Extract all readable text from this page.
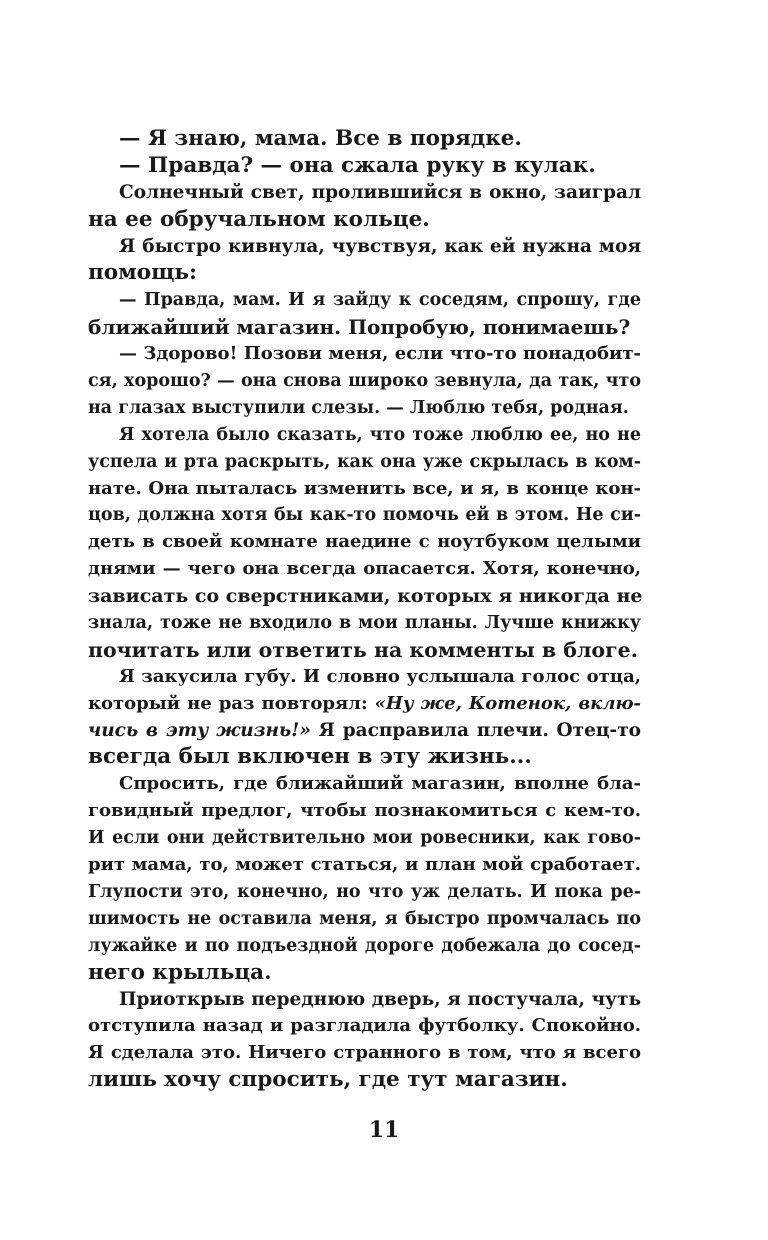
— Я знаю, мама. Все в порядке.
— Правда? — она сжала руку в кулак.
Солнечный свет, пролившийся в окно, заиграл
на ее обручальном кольце.
Я быстро кивнула, чувствуя, как ей нужна моя
помощь:
— Правда, мам. И я зайду к соседям, спрошу, где
ближайший магазин. Попробую, понимаешь?
— Здорово! Позови меня, если что-то понадобит-
ся, хорошо? — она снова широко зевнула, да так, что
на глазах выступили слезы. — Люблю тебя, родная.
Я хотела было сказать, что тоже люблю ее, но не
успела и рта раскрыть, как она уже скрылась в ком-
нате. Она пыталась изменить все, и я, в конце кон-
цов, должна хотя бы как-то помочь ей в этом. Не си-
деть в своей комнате наедине с ноутбуком целыми
днями — чего она всегда опасается. Хотя, конечно,
зависать со сверстниками, которых я никогда не
знала, тоже не входило в мои планы. Лучше книжку
почитать или ответить на комменты в блоге.
Я закусила губу. И словно услышала голос отца,
который не раз повторял: «Ну же, Котенок, вклю-
чись в эту жизнь!» Я расправила плечи. Отец-то
всегда был включен в эту жизнь...
Спросить, где ближайший магазин, вполне бла-
говидный предлог, чтобы познакомиться с кем-то.
И если они действительно мои ровесники, как гово-
рит мама, то, может статься, и план мой сработает.
Глупости это, конечно, но что уж делать. И пока ре-
шимость не оставила меня, я быстро промчалась по
лужайке и по подъездной дороге добежала до сосед-
него крыльца.
Приоткрыв переднюю дверь, я постучала, чуть
отступила назад и разгладила футболку. Спокойно.
Я сделала это. Ничего странного в том, что я всего
лишь хочу спросить, где тут магазин.
11
